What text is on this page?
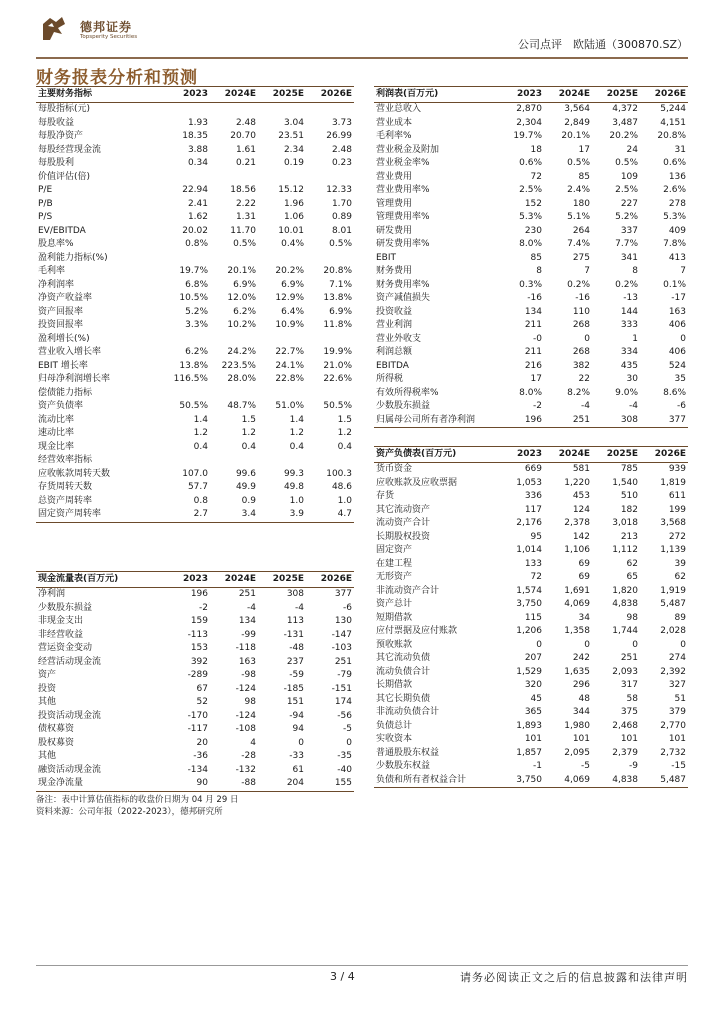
德邦证券
Topsperity Securities
公司点评　欧陆通（300870.SZ）
财务报表分析和预测
主要财务指标	2023	2024E	2025E	2026E
每股指标(元)				
每股收益	1.93	2.48	3.04	3.73
每股净资产	18.35	20.70	23.51	26.99
每股经营现金流	3.88	1.61	2.34	2.48
每股股利	0.34	0.21	0.19	0.23
价值评估(倍)				
P/E	22.94	18.56	15.12	12.33
P/B	2.41	2.22	1.96	1.70
P/S	1.62	1.31	1.06	0.89
EV/EBITDA	20.02	11.70	10.01	8.01
股息率%	0.8%	0.5%	0.4%	0.5%
盈利能力指标(%)				
毛利率	19.7%	20.1%	20.2%	20.8%
净利润率	6.8%	6.9%	6.9%	7.1%
净资产收益率	10.5%	12.0%	12.9%	13.8%
资产回报率	5.2%	6.2%	6.4%	6.9%
投资回报率	3.3%	10.2%	10.9%	11.8%
盈利增长(%)				
营业收入增长率	6.2%	24.2%	22.7%	19.9%
EBIT 增长率	13.8%	223.5%	24.1%	21.0%
归母净利润增长率	116.5%	28.0%	22.8%	22.6%
偿债能力指标				
资产负债率	50.5%	48.7%	51.0%	50.5%
流动比率	1.4	1.5	1.4	1.5
速动比率	1.2	1.2	1.2	1.2
现金比率	0.4	0.4	0.4	0.4
经营效率指标				
应收帐款周转天数	107.0	99.6	99.3	100.3
存货周转天数	57.7	49.9	49.8	48.6
总资产周转率	0.8	0.9	1.0	1.0
固定资产周转率	2.7	3.4	3.9	4.7
利润表(百万元)	2023	2024E	2025E	2026E
营业总收入	2,870	3,564	4,372	5,244
营业成本	2,304	2,849	3,487	4,151
毛利率%	19.7%	20.1%	20.2%	20.8%
营业税金及附加	18	17	24	31
营业税金率%	0.6%	0.5%	0.5%	0.6%
营业费用	72	85	109	136
营业费用率%	2.5%	2.4%	2.5%	2.6%
管理费用	152	180	227	278
管理费用率%	5.3%	5.1%	5.2%	5.3%
研发费用	230	264	337	409
研发费用率%	8.0%	7.4%	7.7%	7.8%
EBIT	85	275	341	413
财务费用	8	7	8	7
财务费用率%	0.3%	0.2%	0.2%	0.1%
资产减值损失	-16	-16	-13	-17
投资收益	134	110	144	163
营业利润	211	268	333	406
营业外收支	-0	0	1	0
利润总额	211	268	334	406
EBITDA	216	382	435	524
所得税	17	22	30	35
有效所得税率%	8.0%	8.2%	9.0%	8.6%
少数股东损益	-2	-4	-4	-6
归属母公司所有者净利润	196	251	308	377
现金流量表(百万元)	2023	2024E	2025E	2026E
净利润	196	251	308	377
少数股东损益	-2	-4	-4	-6
非现金支出	159	134	113	130
非经营收益	-113	-99	-131	-147
营运资金变动	153	-118	-48	-103
经营活动现金流	392	163	237	251
资产	-289	-98	-59	-79
投资	67	-124	-185	-151
其他	52	98	151	174
投资活动现金流	-170	-124	-94	-56
债权募资	-117	-108	94	-5
股权募资	20	4	0	0
其他	-36	-28	-33	-35
融资活动现金流	-134	-132	61	-40
现金净流量	90	-88	204	155
资产负债表(百万元)	2023	2024E	2025E	2026E
货币资金	669	581	785	939
应收账款及应收票据	1,053	1,220	1,540	1,819
存货	336	453	510	611
其它流动资产	117	124	182	199
流动资产合计	2,176	2,378	3,018	3,568
长期股权投资	95	142	213	272
固定资产	1,014	1,106	1,112	1,139
在建工程	133	69	62	39
无形资产	72	69	65	62
非流动资产合计	1,574	1,691	1,820	1,919
资产总计	3,750	4,069	4,838	5,487
短期借款	115	34	98	89
应付票据及应付账款	1,206	1,358	1,744	2,028
预收账款	0	0	0	0
其它流动负债	207	242	251	274
流动负债合计	1,529	1,635	2,093	2,392
长期借款	320	296	317	327
其它长期负债	45	48	58	51
非流动负债合计	365	344	375	379
负债总计	1,893	1,980	2,468	2,770
实收资本	101	101	101	101
普通股股东权益	1,857	2,095	2,379	2,732
少数股东权益	-1	-5	-9	-15
负债和所有者权益合计	3,750	4,069	4,838	5,487
备注：表中计算估值指标的收盘价日期为 04 月 29 日
资料来源：公司年报（2022-2023），德邦研究所
3 / 4	请务必阅读正文之后的信息披露和法律声明
